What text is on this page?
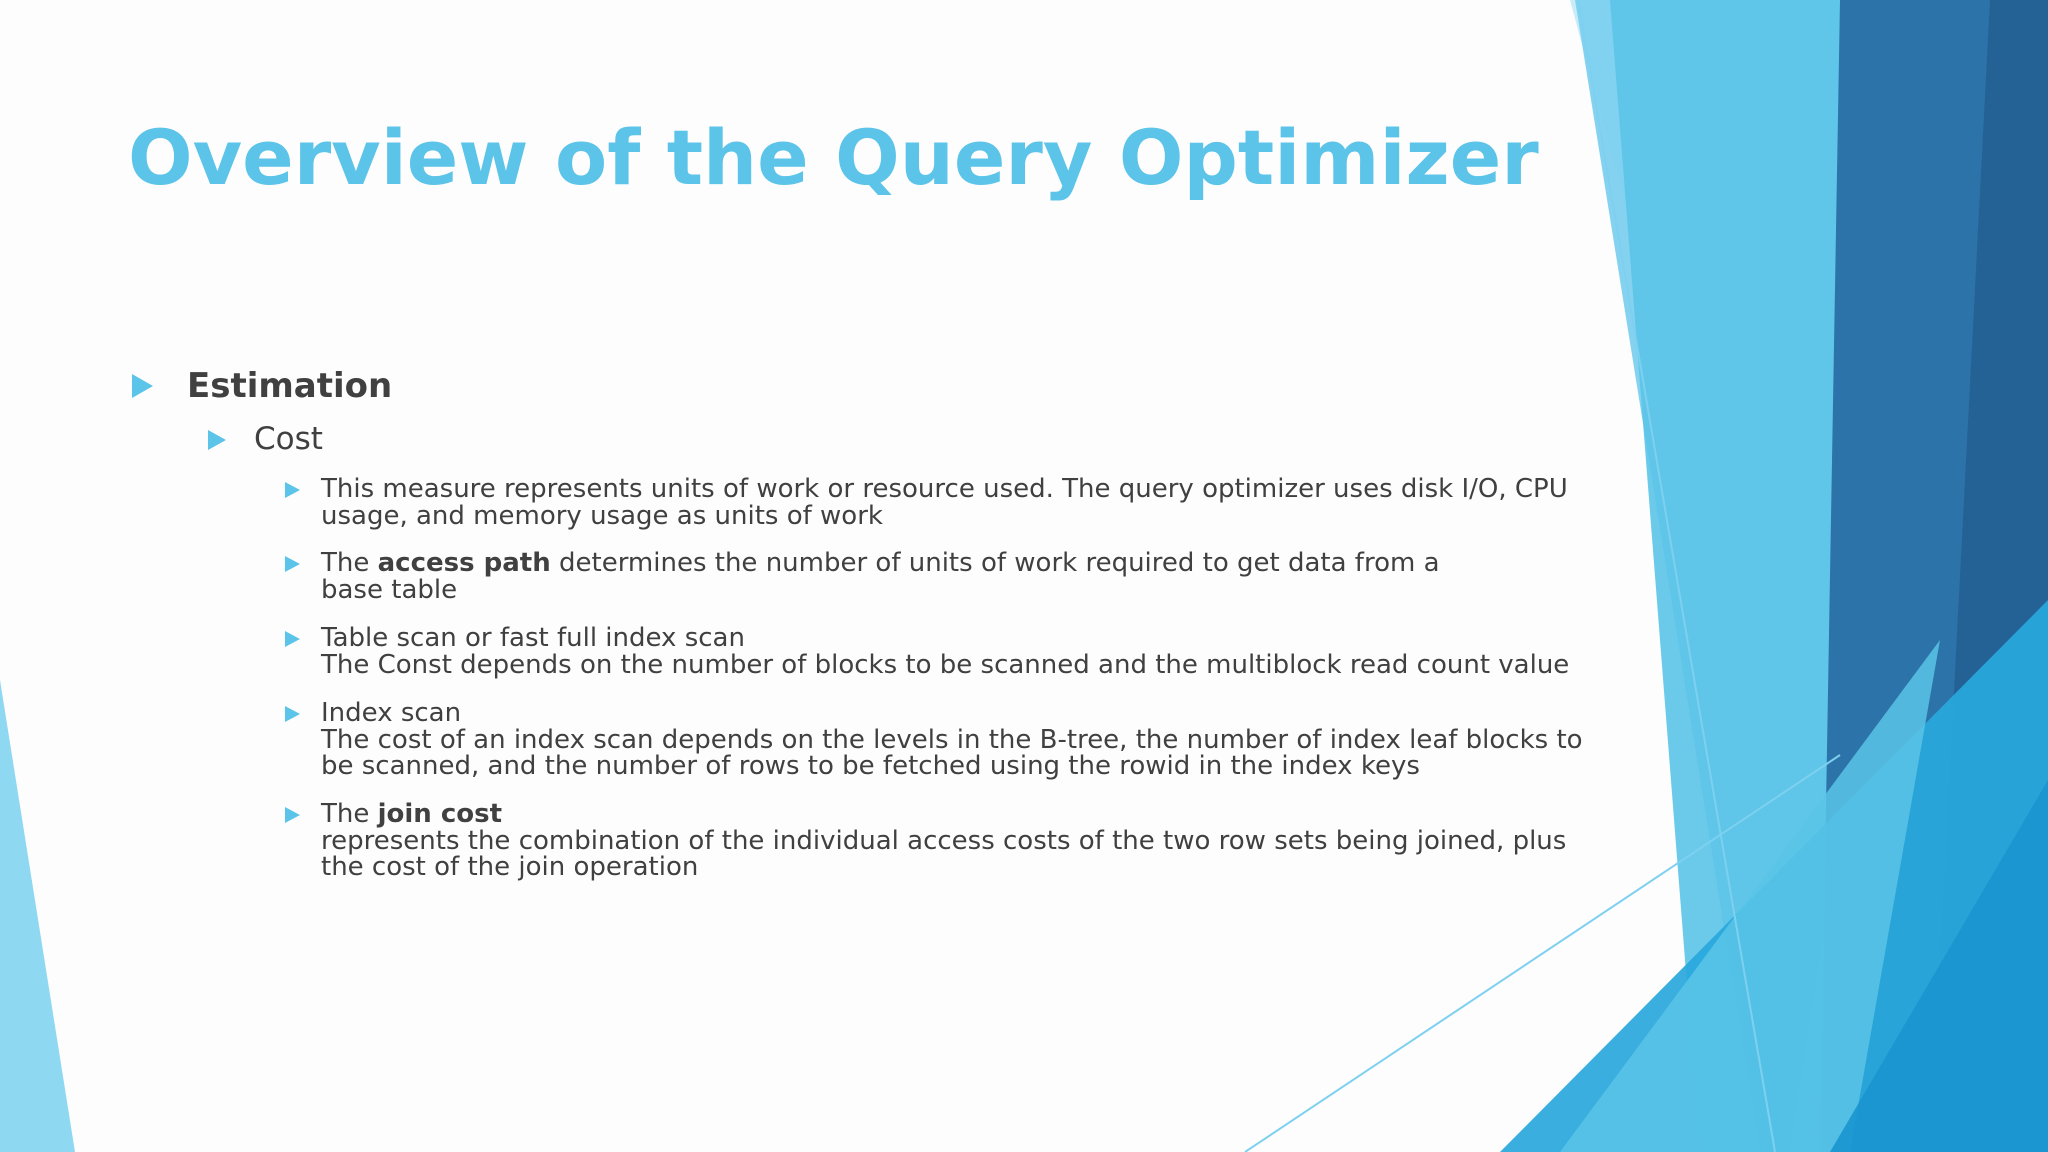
Overview of the Query Optimizer
Estimation
Cost
This measure represents units of work or resource used. The query optimizer uses disk I/O, CPU
usage, and memory usage as units of work
The access path determines the number of units of work required to get data from a
base table
Table scan or fast full index scan
The Const depends on the number of blocks to be scanned and the multiblock read count value
Index scan
The cost of an index scan depends on the levels in the B-tree, the number of index leaf blocks to
be scanned, and the number of rows to be fetched using the rowid in the index keys
The join cost
represents the combination of the individual access costs of the two row sets being joined, plus
the cost of the join operation
